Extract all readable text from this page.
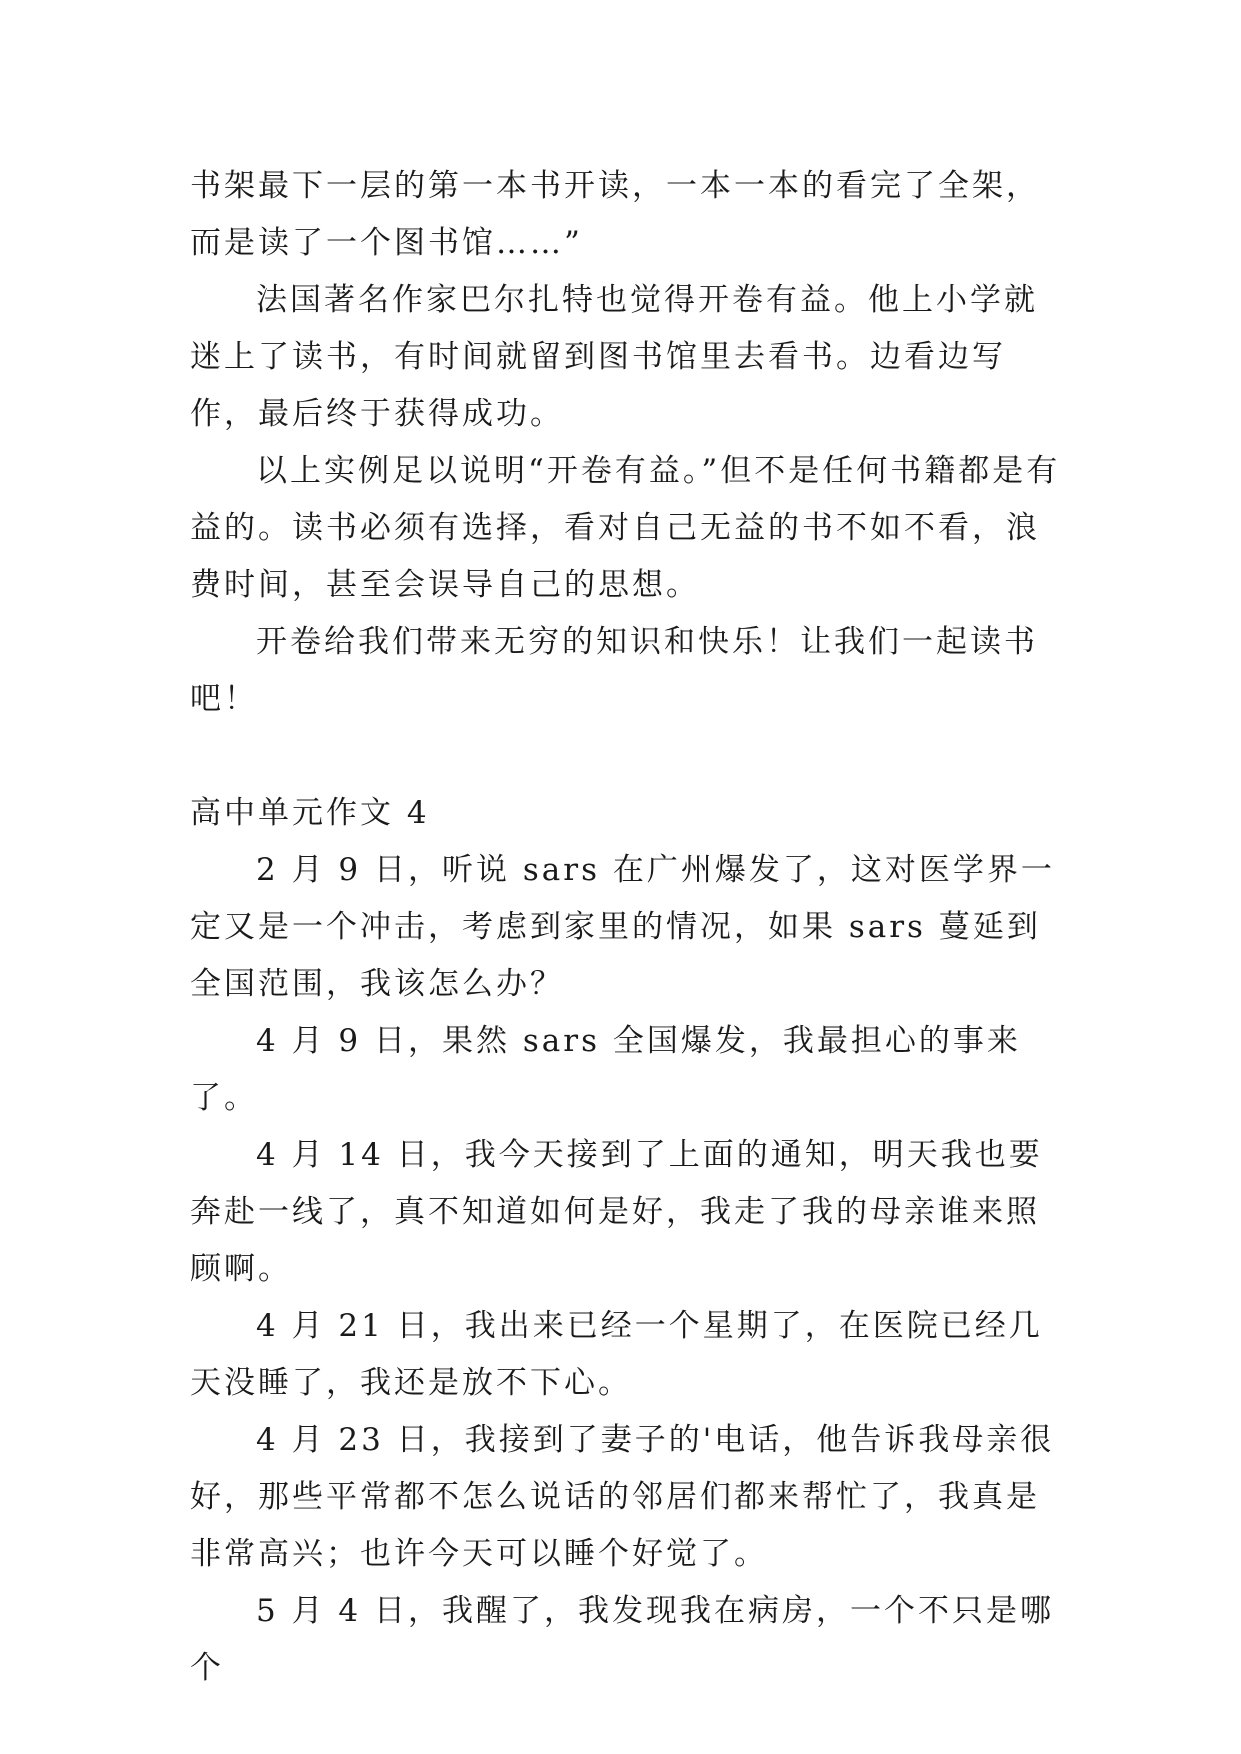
书架最下一层的第一本书开读，一本一本的看完了全架，而是读了一个图书馆……”

法国著名作家巴尔扎特也觉得开卷有益。他上小学就迷上了读书，有时间就留到图书馆里去看书。边看边写作，最后终于获得成功。

以上实例足以说明“开卷有益。”但不是任何书籍都是有益的。读书必须有选择，看对自己无益的书不如不看，浪费时间，甚至会误导自己的思想。

开卷给我们带来无穷的知识和快乐！让我们一起读书吧！

高中单元作文 4

2 月 9 日，听说 sars 在广州爆发了，这对医学界一定又是一个冲击，考虑到家里的情况，如果 sars 蔓延到全国范围，我该怎么办？

4 月 9 日，果然 sars 全国爆发，我最担心的事来了。

4 月 14 日，我今天接到了上面的通知，明天我也要奔赴一线了，真不知道如何是好，我走了我的母亲谁来照顾啊。

4 月 21 日，我出来已经一个星期了，在医院已经几天没睡了，我还是放不下心。

4 月 23 日，我接到了妻子的'电话，他告诉我母亲很好，那些平常都不怎么说话的邻居们都来帮忙了，我真是非常高兴；也许今天可以睡个好觉了。

5 月 4 日，我醒了，我发现我在病房，一个不只是哪个
